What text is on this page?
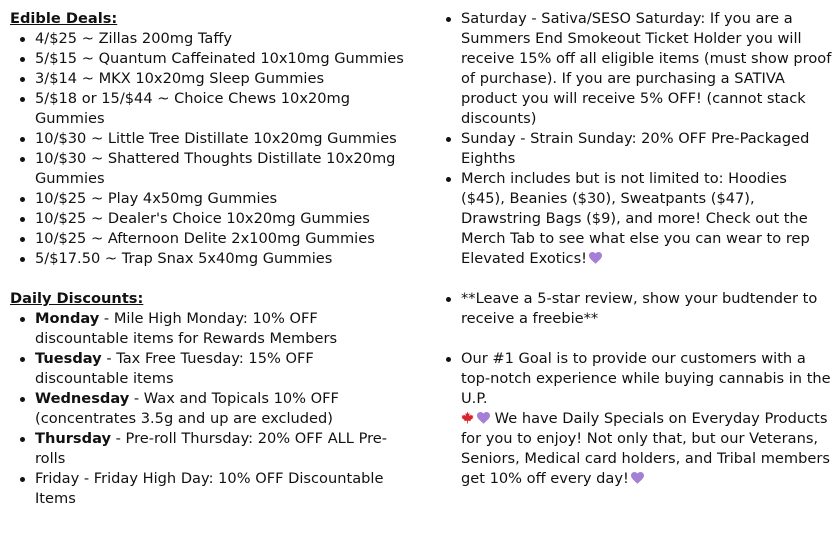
Edible Deals:
4/$25 ~ Zillas 200mg Taffy
5/$15 ~ Quantum Caffeinated 10x10mg Gummies
3/$14 ~ MKX 10x20mg Sleep Gummies
5/$18 or 15/$44 ~ Choice Chews 10x20mg Gummies
10/$30 ~ Little Tree Distillate 10x20mg Gummies
10/$30 ~ Shattered Thoughts Distillate 10x20mg Gummies
10/$25 ~ Play 4x50mg Gummies
10/$25 ~ Dealer's Choice 10x20mg Gummies
10/$25 ~ Afternoon Delite 2x100mg Gummies
5/$17.50 ~ Trap Snax 5x40mg Gummies
Daily Discounts:
Monday - Mile High Monday: 10% OFF discountable items for Rewards Members
Tuesday - Tax Free Tuesday: 15% OFF discountable items
Wednesday - Wax and Topicals 10% OFF (concentrates 3.5g and up are excluded)
Thursday - Pre-roll Thursday: 20% OFF ALL Pre-rolls
Friday - Friday High Day: 10% OFF Discountable Items
Saturday - Sativa/SESO Saturday: If you are a Summers End Smokeout Ticket Holder you will receive 15% off all eligible items (must show proof of purchase). If you are purchasing a SATIVA product you will receive 5% OFF! (cannot stack discounts)
Sunday - Strain Sunday: 20% OFF Pre-Packaged Eighths
Merch includes but is not limited to: Hoodies ($45), Beanies ($30), Sweatpants ($47), Drawstring Bags ($9), and more! Check out the Merch Tab to see what else you can wear to rep Elevated Exotics!
**Leave a 5-star review, show your budtender to receive a freebie**
Our #1 Goal is to provide our customers with a top-notch experience while buying cannabis in the U.P.
We have Daily Specials on Everyday Products for you to enjoy! Not only that, but our Veterans, Seniors, Medical card holders, and Tribal members get 10% off every day!
